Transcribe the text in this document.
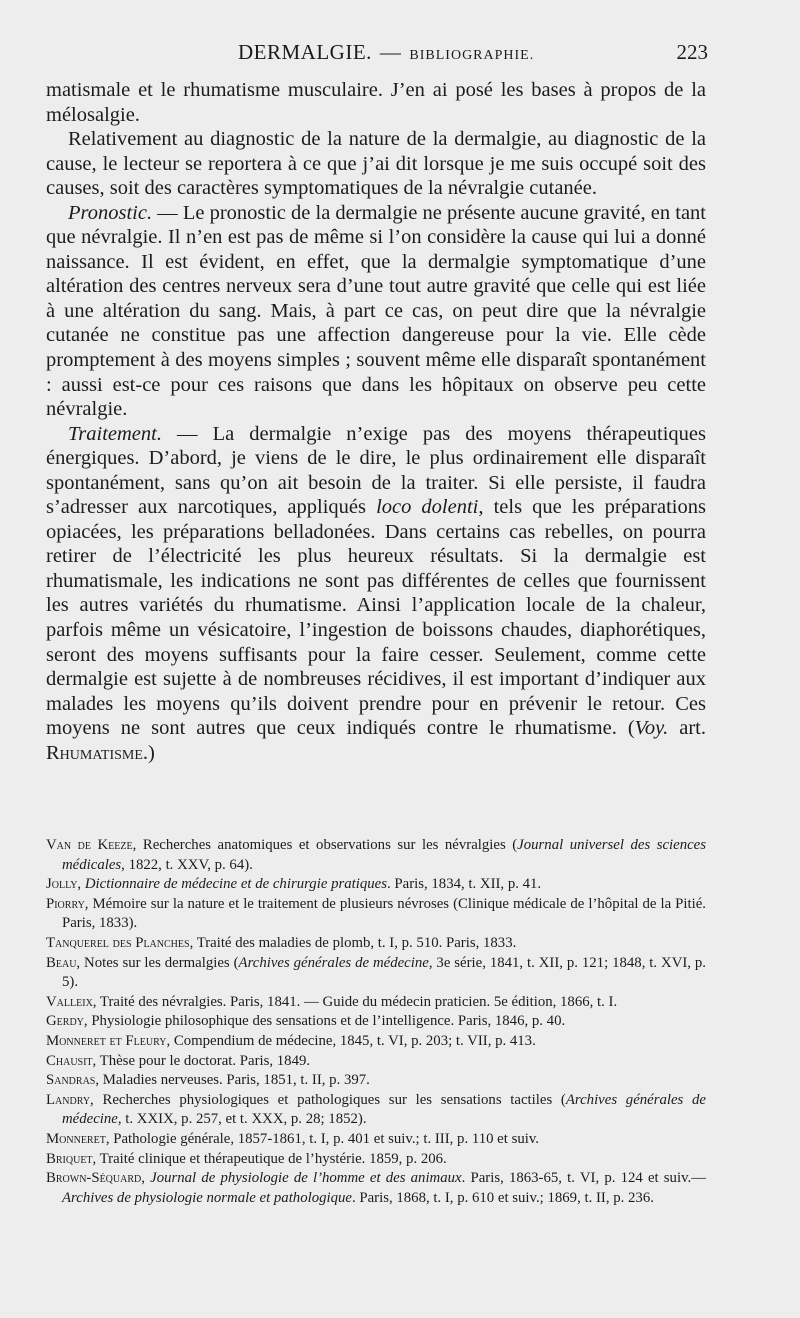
DERMALGIE. — BIBLIOGRAPHIE.	223

matismale et le rhumatisme musculaire. J’en ai posé les bases à propos de la mélosalgie.

Relativement au diagnostic de la nature de la dermalgie, au diagnostic de la cause, le lecteur se reportera à ce que j’ai dit lorsque je me suis occupé soit des causes, soit des caractères symptomatiques de la névralgie cutanée.

Pronostic. — Le pronostic de la dermalgie ne présente aucune gravité, en tant que névralgie. Il n’en est pas de même si l’on considère la cause qui lui a donné naissance. Il est évident, en effet, que la dermalgie symptomatique d’une altération des centres nerveux sera d’une tout autre gravité que celle qui est liée à une altération du sang. Mais, à part ce cas, on peut dire que la névralgie cutanée ne constitue pas une affection dangereuse pour la vie. Elle cède promptement à des moyens simples ; souvent même elle disparaît spontanément : aussi est-ce pour ces raisons que dans les hôpitaux on observe peu cette névralgie.

Traitement. — La dermalgie n’exige pas des moyens thérapeutiques énergiques. D’abord, je viens de le dire, le plus ordinairement elle disparaît spontanément, sans qu’on ait besoin de la traiter. Si elle persiste, il faudra s’adresser aux narcotiques, appliqués loco dolenti, tels que les préparations opiacées, les préparations belladonées. Dans certains cas rebelles, on pourra retirer de l’électricité les plus heureux résultats. Si la dermalgie est rhumatismale, les indications ne sont pas différentes de celles que fournissent les autres variétés du rhumatisme. Ainsi l’application locale de la chaleur, parfois même un vésicatoire, l’ingestion de boissons chaudes, diaphorétiques, seront des moyens suffisants pour la faire cesser. Seulement, comme cette dermalgie est sujette à de nombreuses récidives, il est important d’indiquer aux malades les moyens qu’ils doivent prendre pour en prévenir le retour. Ces moyens ne sont autres que ceux indiqués contre le rhumatisme. (Voy. art. Rhumatisme.)

Van de Keeze, Recherches anatomiques et observations sur les névralgies (Journal universel des sciences médicales, 1822, t. XXV, p. 64).

Jolly, Dictionnaire de médecine et de chirurgie pratiques. Paris, 1834, t. XII, p. 41.

Piorry, Mémoire sur la nature et le traitement de plusieurs névroses (Clinique médicale de l’hôpital de la Pitié. Paris, 1833).

Tanquerel des Planches, Traité des maladies de plomb, t. I, p. 510. Paris, 1833.

Beau, Notes sur les dermalgies (Archives générales de médecine, 3e série, 1841, t. XII, p. 121; 1848, t. XVI, p. 5).

Valleix, Traité des névralgies. Paris, 1841. — Guide du médecin praticien. 5e édition, 1866, t. I.

Gerdy, Physiologie philosophique des sensations et de l’intelligence. Paris, 1846, p. 40.

Monneret et Fleury, Compendium de médecine, 1845, t. VI, p. 203; t. VII, p. 413.

Chausit, Thèse pour le doctorat. Paris, 1849.

Sandras, Maladies nerveuses. Paris, 1851, t. II, p. 397.

Landry, Recherches physiologiques et pathologiques sur les sensations tactiles (Archives générales de médecine, t. XXIX, p. 257, et t. XXX, p. 28; 1852).

Monneret, Pathologie générale, 1857-1861, t. I, p. 401 et suiv.; t. III, p. 110 et suiv.

Briquet, Traité clinique et thérapeutique de l’hystérie. 1859, p. 206.

Brown-Séquard, Journal de physiologie de l’homme et des animaux. Paris, 1863-65, t. VI, p. 124 et suiv.— Archives de physiologie normale et pathologique. Paris, 1868, t. I, p. 610 et suiv.; 1869, t. II, p. 236.
